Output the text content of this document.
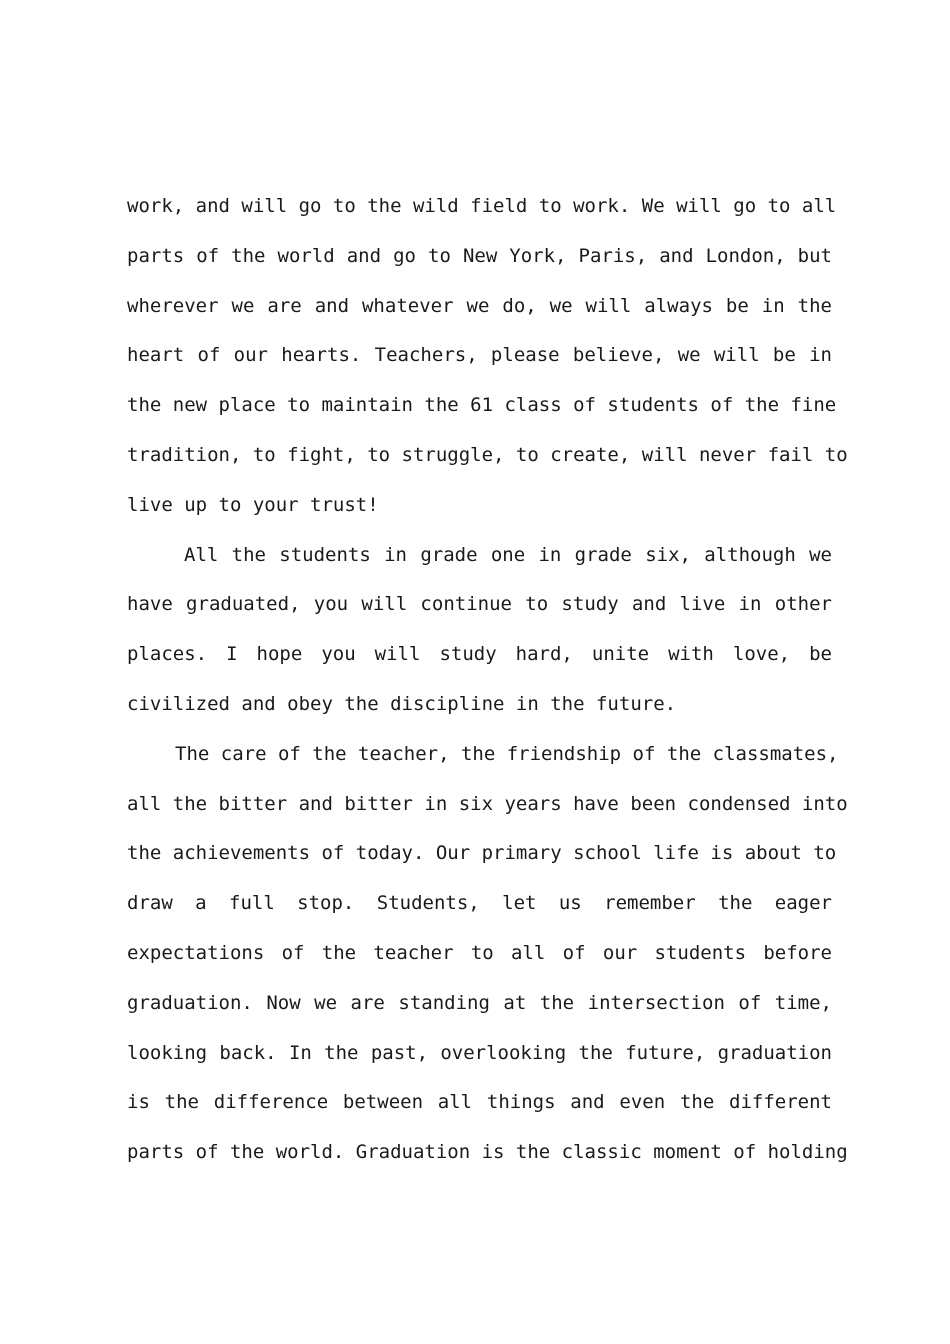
work, and will go to the wild field to work. We will go to all
parts of the world and go to New York, Paris, and London, but
wherever we are and whatever we do, we will always be in the
heart of our hearts. Teachers, please believe, we will be in
the new place to maintain the 61 class of students of the fine
tradition, to fight, to struggle, to create, will never fail to
live up to your trust!
All the students in grade one in grade six, although we
have graduated, you will continue to study and live in other
places. I hope you will study hard, unite with love, be
civilized and obey the discipline in the future.
The care of the teacher, the friendship of the classmates,
all the bitter and bitter in six years have been condensed into
the achievements of today. Our primary school life is about to
draw a full stop. Students, let us remember the eager
expectations of the teacher to all of our students before
graduation. Now we are standing at the intersection of time,
looking back. In the past, overlooking the future, graduation
is the difference between all things and even the different
parts of the world. Graduation is the classic moment of holding
